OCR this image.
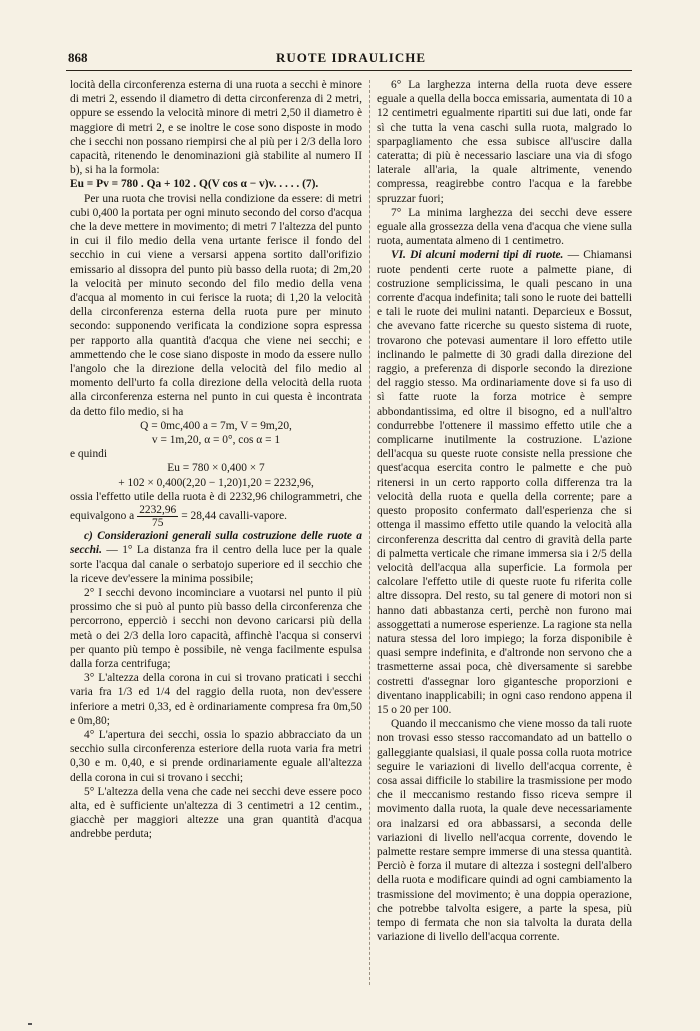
868	RUOTE IDRAULICHE

locità della circonferenza esterna di una ruota a secchi è minore di metri 2, essendo il diametro di detta circonferenza di 2 metri, oppure se essendo la velocità minore di metri 2,50 il diametro è maggiore di metri 2, e se inoltre le cose sono disposte in modo che i secchi non possano riempirsi che al più per i 2/3 della loro capacità, ritenendo le denominazioni già stabilite al numero II b), si ha la formola:

Eu = Pv = 780 . Qa + 102 . Q(V cos α − v)v. . . . . (7).

Per una ruota che trovisi nella condizione da essere: di metri cubi 0,400 la portata per ogni minuto secondo del corso d'acqua che la deve mettere in movimento; di metri 7 l'altezza del punto in cui il filo medio della vena urtante ferisce il fondo del secchio in cui viene a versarsi appena sortito dall'orifizio emissario al dissopra del punto più basso della ruota; di 2m,20 la velocità per minuto secondo del filo medio della vena d'acqua al momento in cui ferisce la ruota; di 1,20 la velocità della circonferenza esterna della ruota pure per minuto secondo: supponendo verificata la condizione sopra espressa per rapporto alla quantità d'acqua che viene nei secchi; e ammettendo che le cose siano disposte in modo da essere nullo l'angolo che la direzione della velocità del filo medio al momento dell'urto fa colla direzione della velocità della ruota alla circonferenza esterna nel punto in cui questa è incontrata da detto filo medio, si ha

Q = 0mc,400 a = 7m, V = 9m,20,

v = 1m,20, α = 0°, cos α = 1

e quindi

Eu = 780 × 0,400 × 7

+ 102 × 0,400(2,20 − 1,20)1,20 = 2232,96,

ossia l'effetto utile della ruota è di 2232,96 chilogrammetri, che equivalgono a $\frac{2232,96}{75} = 28,44$ cavalli-vapore.

c) Considerazioni generali sulla costruzione delle ruote a secchi. — 1° La distanza fra il centro della luce per la quale sorte l'acqua dal canale o serbatojo superiore ed il secchio che la riceve dev'essere la minima possibile;

2° I secchi devono incominciare a vuotarsi nel punto il più prossimo che si può al punto più basso della circonferenza che percorrono, epperciò i secchi non devono caricarsi più della metà o dei 2/3 della loro capacità, affinchè l'acqua si conservi per quanto più tempo è possibile, nè venga facilmente espulsa dalla forza centrifuga;

3° L'altezza della corona in cui si trovano praticati i secchi varia fra 1/3 ed 1/4 del raggio della ruota, non dev'essere inferiore a metri 0,33, ed è ordinariamente compresa fra 0m,50 e 0m,80;

4° L'apertura dei secchi, ossia lo spazio abbracciato da un secchio sulla circonferenza esteriore della ruota varia fra metri 0,30 e m. 0,40, e si prende ordinariamente eguale all'altezza della corona in cui si trovano i secchi;

5° L'altezza della vena che cade nei secchi deve essere poco alta, ed è sufficiente un'altezza di 3 centimetri a 12 centim., giacchè per maggiori altezze una gran quantità d'acqua andrebbe perduta;

6° La larghezza interna della ruota deve essere eguale a quella della bocca emissaria, aumentata di 10 a 12 centimetri egualmente ripartiti sui due lati, onde far sì che tutta la vena caschi sulla ruota, malgrado lo sparpagliamento che essa subisce all'uscire dalla cateratta; di più è necessario lasciare una via di sfogo laterale all'aria, la quale altrimente, venendo compressa, reagirebbe contro l'acqua e la farebbe spruzzar fuori;

7° La minima larghezza dei secchi deve essere eguale alla grossezza della vena d'acqua che viene sulla ruota, aumentata almeno di 1 centimetro.

VI. Di alcuni moderni tipi di ruote. — Chiamansi ruote pendenti certe ruote a palmette piane, di costruzione semplicissima, le quali pescano in una corrente d'acqua indefinita; tali sono le ruote dei battelli e tali le ruote dei mulini natanti. Deparcieux e Bossut, che avevano fatte ricerche su questo sistema di ruote, trovarono che potevasi aumentare il loro effetto utile inclinando le palmette di 30 gradi dalla direzione del raggio, a preferenza di disporle secondo la direzione del raggio stesso. Ma ordinariamente dove si fa uso di sì fatte ruote la forza motrice è sempre abbondantissima, ed oltre il bisogno, ed a null'altro condurrebbe l'ottenere il massimo effetto utile che a complicarne inutilmente la costruzione. L'azione dell'acqua su queste ruote consiste nella pressione che quest'acqua esercita contro le palmette e che può ritenersi in un certo rapporto colla differenza tra la velocità della ruota e quella della corrente; pare a questo proposito confermato dall'esperienza che si ottenga il massimo effetto utile quando la velocità alla circonferenza descritta dal centro di gravità della parte di palmetta verticale che rimane immersa sia i 2/5 della velocità dell'acqua alla superficie. La formola per calcolare l'effetto utile di queste ruote fu riferita colle altre dissopra. Del resto, su tal genere di motori non si hanno dati abbastanza certi, perchè non furono mai assoggettati a numerose esperienze. La ragione sta nella natura stessa del loro impiego; la forza disponibile è quasi sempre indefinita, e d'altronde non servono che a trasmetterne assai poca, chè diversamente si sarebbe costretti d'assegnar loro gigantesche proporzioni e diventano inapplicabili; in ogni caso rendono appena il 15 o 20 per 100.

Quando il meccanismo che viene mosso da tali ruote non trovasi esso stesso raccomandato ad un battello o galleggiante qualsiasi, il quale possa colla ruota motrice seguire le variazioni di livello dell'acqua corrente, è cosa assai difficile lo stabilire la trasmissione per modo che il meccanismo restando fisso riceva sempre il movimento dalla ruota, la quale deve necessariamente ora inalzarsi ed ora abbassarsi, a seconda delle variazioni di livello nell'acqua corrente, dovendo le palmette restare sempre immerse di una stessa quantità. Perciò è forza il mutare di altezza i sostegni dell'albero della ruota e modificare quindi ad ogni cambiamento la trasmissione del movimento; è una doppia operazione, che potrebbe talvolta esigere, a parte la spesa, più tempo di fermata che non sia talvolta la durata della variazione di livello dell'acqua corrente.
